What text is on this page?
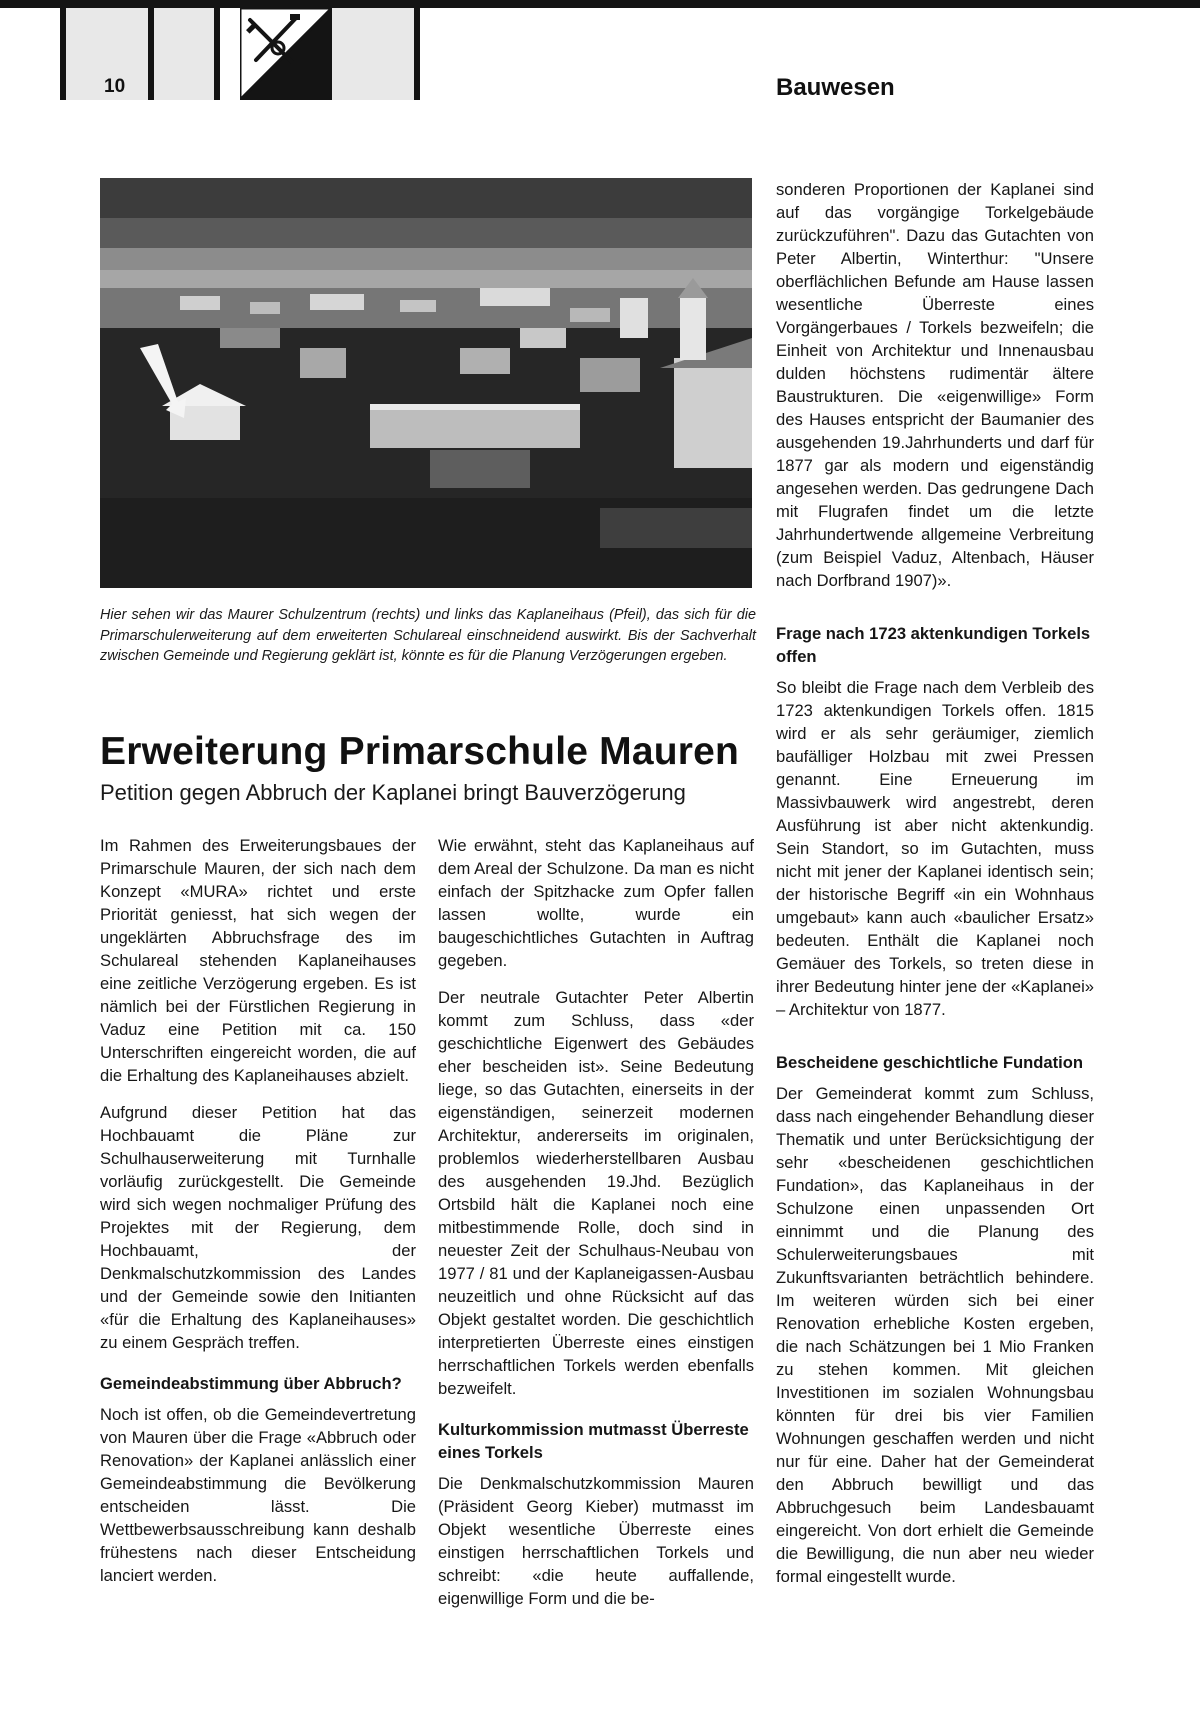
10	Bauwesen
Hier sehen wir das Maurer Schulzentrum (rechts) und links das Kaplaneihaus (Pfeil), das sich für die Primarschulerweiterung auf dem erweiterten Schulareal einschneidend auswirkt. Bis der Sachverhalt zwischen Gemeinde und Regierung geklärt ist, könnte es für die Planung Verzögerungen ergeben.
Erweiterung Primarschule Mauren
Petition gegen Abbruch der Kaplanei bringt Bauverzögerung

Im Rahmen des Erweiterungsbaues der Primarschule Mauren, der sich nach dem Konzept «MURA» richtet und erste Priorität geniesst, hat sich wegen der ungeklärten Abbruchsfrage des im Schulareal stehenden Kaplaneihauses eine zeitliche Verzögerung ergeben. Es ist nämlich bei der Fürstlichen Regierung in Vaduz eine Petition mit ca. 150 Unterschriften eingereicht worden, die auf die Erhaltung des Kaplaneihauses abzielt.

Aufgrund dieser Petition hat das Hochbauamt die Pläne zur Schulhauserweiterung mit Turnhalle vorläufig zurückgestellt. Die Gemeinde wird sich wegen nochmaliger Prüfung des Projektes mit der Regierung, dem Hochbauamt, der Denkmalschutzkommission des Landes und der Gemeinde sowie den Initianten «für die Erhaltung des Kaplaneihauses» zu einem Gespräch treffen.

Gemeindeabstimmung über Abbruch?

Noch ist offen, ob die Gemeindevertretung von Mauren über die Frage «Abbruch oder Renovation» der Kaplanei anlässlich einer Gemeindeabstimmung die Bevölkerung entscheiden lässt. Die Wettbewerbsausschreibung kann deshalb frühestens nach dieser Entscheidung lanciert werden.

Wie erwähnt, steht das Kaplaneihaus auf dem Areal der Schulzone. Da man es nicht einfach der Spitzhacke zum Opfer fallen lassen wollte, wurde ein baugeschichtliches Gutachten in Auftrag gegeben.

Der neutrale Gutachter Peter Albertin kommt zum Schluss, dass «der geschichtliche Eigenwert des Gebäudes eher bescheiden ist». Seine Bedeutung liege, so das Gutachten, einerseits in der eigenständigen, seinerzeit modernen Architektur, andererseits im originalen, problemlos wiederherstellbaren Ausbau des ausgehenden 19.Jhd. Bezüglich Ortsbild hält die Kaplanei noch eine mitbestimmende Rolle, doch sind in neuester Zeit der Schulhaus-Neubau von 1977 / 81 und der Kaplaneigassen-Ausbau neuzeitlich und ohne Rücksicht auf das Objekt gestaltet worden. Die geschichtlich interpretierten Überreste eines einstigen herrschaftlichen Torkels werden ebenfalls bezweifelt.

Kulturkommission mutmasst Überreste eines Torkels

Die Denkmalschutzkommission Mauren (Präsident Georg Kieber) mutmasst im Objekt wesentliche Überreste eines einstigen herrschaftlichen Torkels und schreibt: «die heute auffallende, eigenwillige Form und die be-

sonderen Proportionen der Kaplanei sind auf das vorgängige Torkelgebäude zurückzuführen". Dazu das Gutachten von Peter Albertin, Winterthur: "Unsere oberflächlichen Befunde am Hause lassen wesentliche Überreste eines Vorgängerbaues / Torkels bezweifeln; die Einheit von Architektur und Innenausbau dulden höchstens rudimentär ältere Baustrukturen. Die «eigenwillige» Form des Hauses entspricht der Baumanier des ausgehenden 19.Jahrhunderts und darf für 1877 gar als modern und eigenständig angesehen werden. Das gedrungene Dach mit Flugrafen findet um die letzte Jahrhundertwende allgemeine Verbreitung (zum Beispiel Vaduz, Altenbach, Häuser nach Dorfbrand 1907)».

Frage nach 1723 aktenkundigen Torkels offen

So bleibt die Frage nach dem Verbleib des 1723 aktenkundigen Torkels offen. 1815 wird er als sehr geräumiger, ziemlich baufälliger Holzbau mit zwei Pressen genannt. Eine Erneuerung im Massivbauwerk wird angestrebt, deren Ausführung ist aber nicht aktenkundig. Sein Standort, so im Gutachten, muss nicht mit jener der Kaplanei identisch sein; der historische Begriff «in ein Wohnhaus umgebaut» kann auch «baulicher Ersatz» bedeuten. Enthält die Kaplanei noch Gemäuer des Torkels, so treten diese in ihrer Bedeutung hinter jene der «Kaplanei» – Architektur von 1877.

Bescheidene geschichtliche Fundation

Der Gemeinderat kommt zum Schluss, dass nach eingehender Behandlung dieser Thematik und unter Berücksichtigung der sehr «bescheidenen geschichtlichen Fundation», das Kaplaneihaus in der Schulzone einen unpassenden Ort einnimmt und die Planung des Schulerweiterungsbaues mit Zukunftsvarianten beträchtlich behindere. Im weiteren würden sich bei einer Renovation erhebliche Kosten ergeben, die nach Schätzungen bei 1 Mio Franken zu stehen kommen. Mit gleichen Investitionen im sozialen Wohnungsbau könnten für drei bis vier Familien Wohnungen geschaffen werden und nicht nur für eine. Daher hat der Gemeinderat den Abbruch bewilligt und das Abbruchgesuch beim Landesbauamt eingereicht. Von dort erhielt die Gemeinde die Bewilligung, die nun aber neu wieder formal eingestellt wurde.
